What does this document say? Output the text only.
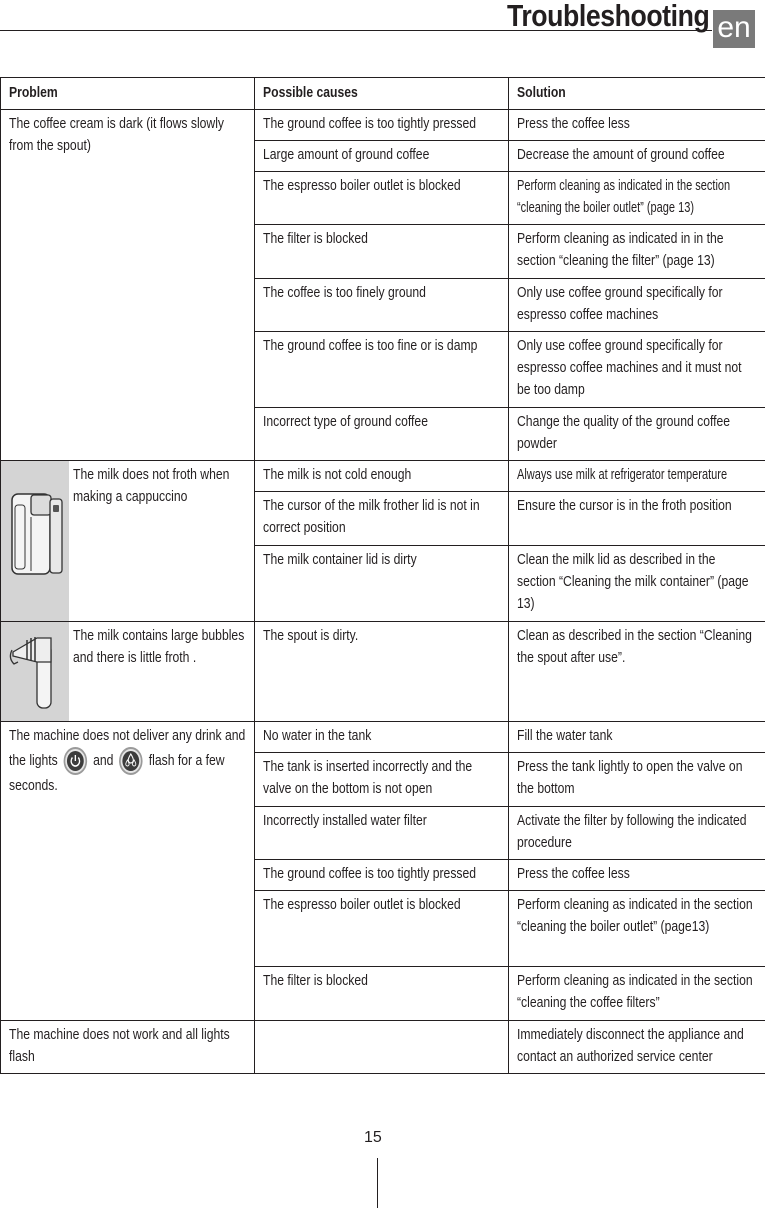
Troubleshooting en
Problem	Possible causes	Solution

The coffee cream is dark (it flows slowly from the spout)	The ground coffee is too tightly pressed	Press the coffee less

	Large amount of ground coffee	Decrease the amount of ground coffee

	The espresso boiler outlet is blocked	Perform cleaning as indicated in the section “cleaning the boiler outlet” (page 13)

	The filter is blocked	Perform cleaning as indicated in in the section “cleaning the filter” (page 13)

	The coffee is too finely ground	Only use coffee ground specifically for espresso coffee machines

	The ground coffee is too fine or is damp	Only use coffee ground specifically for espresso coffee machines and it must not be too damp

	Incorrect type of ground coffee	Change the quality of the ground coffee powder

The milk does not froth when making a cappuccino	The milk is not cold enough	Always use milk at refrigerator temperature

	The cursor of the milk frother lid is not in correct position	Ensure the cursor is in the froth position

	The milk container lid is dirty	Clean the milk lid as described in the section “Cleaning the milk container” (page 13)

The milk contains large bubbles and there is little froth .	The spout is dirty.	Clean as described in the section “Cleaning the spout after use”.

The machine does not deliver any drink and the lights and flash for a few seconds.	No water in the tank	Fill the water tank

	The tank is inserted incorrectly and the valve on the bottom is not open	Press the tank lightly to open the valve on the bottom

	Incorrectly installed water filter	Activate the filter by following the indicated procedure

	The ground coffee is too tightly pressed	Press the coffee less

	The espresso boiler outlet is blocked	Perform cleaning as indicated in the section “cleaning the boiler outlet” (page13)

	The filter is blocked	Perform cleaning as indicated in the section “cleaning the coffee filters”

The machine does not work and all lights flash		Immediately disconnect the appliance and contact an authorized service center
15
